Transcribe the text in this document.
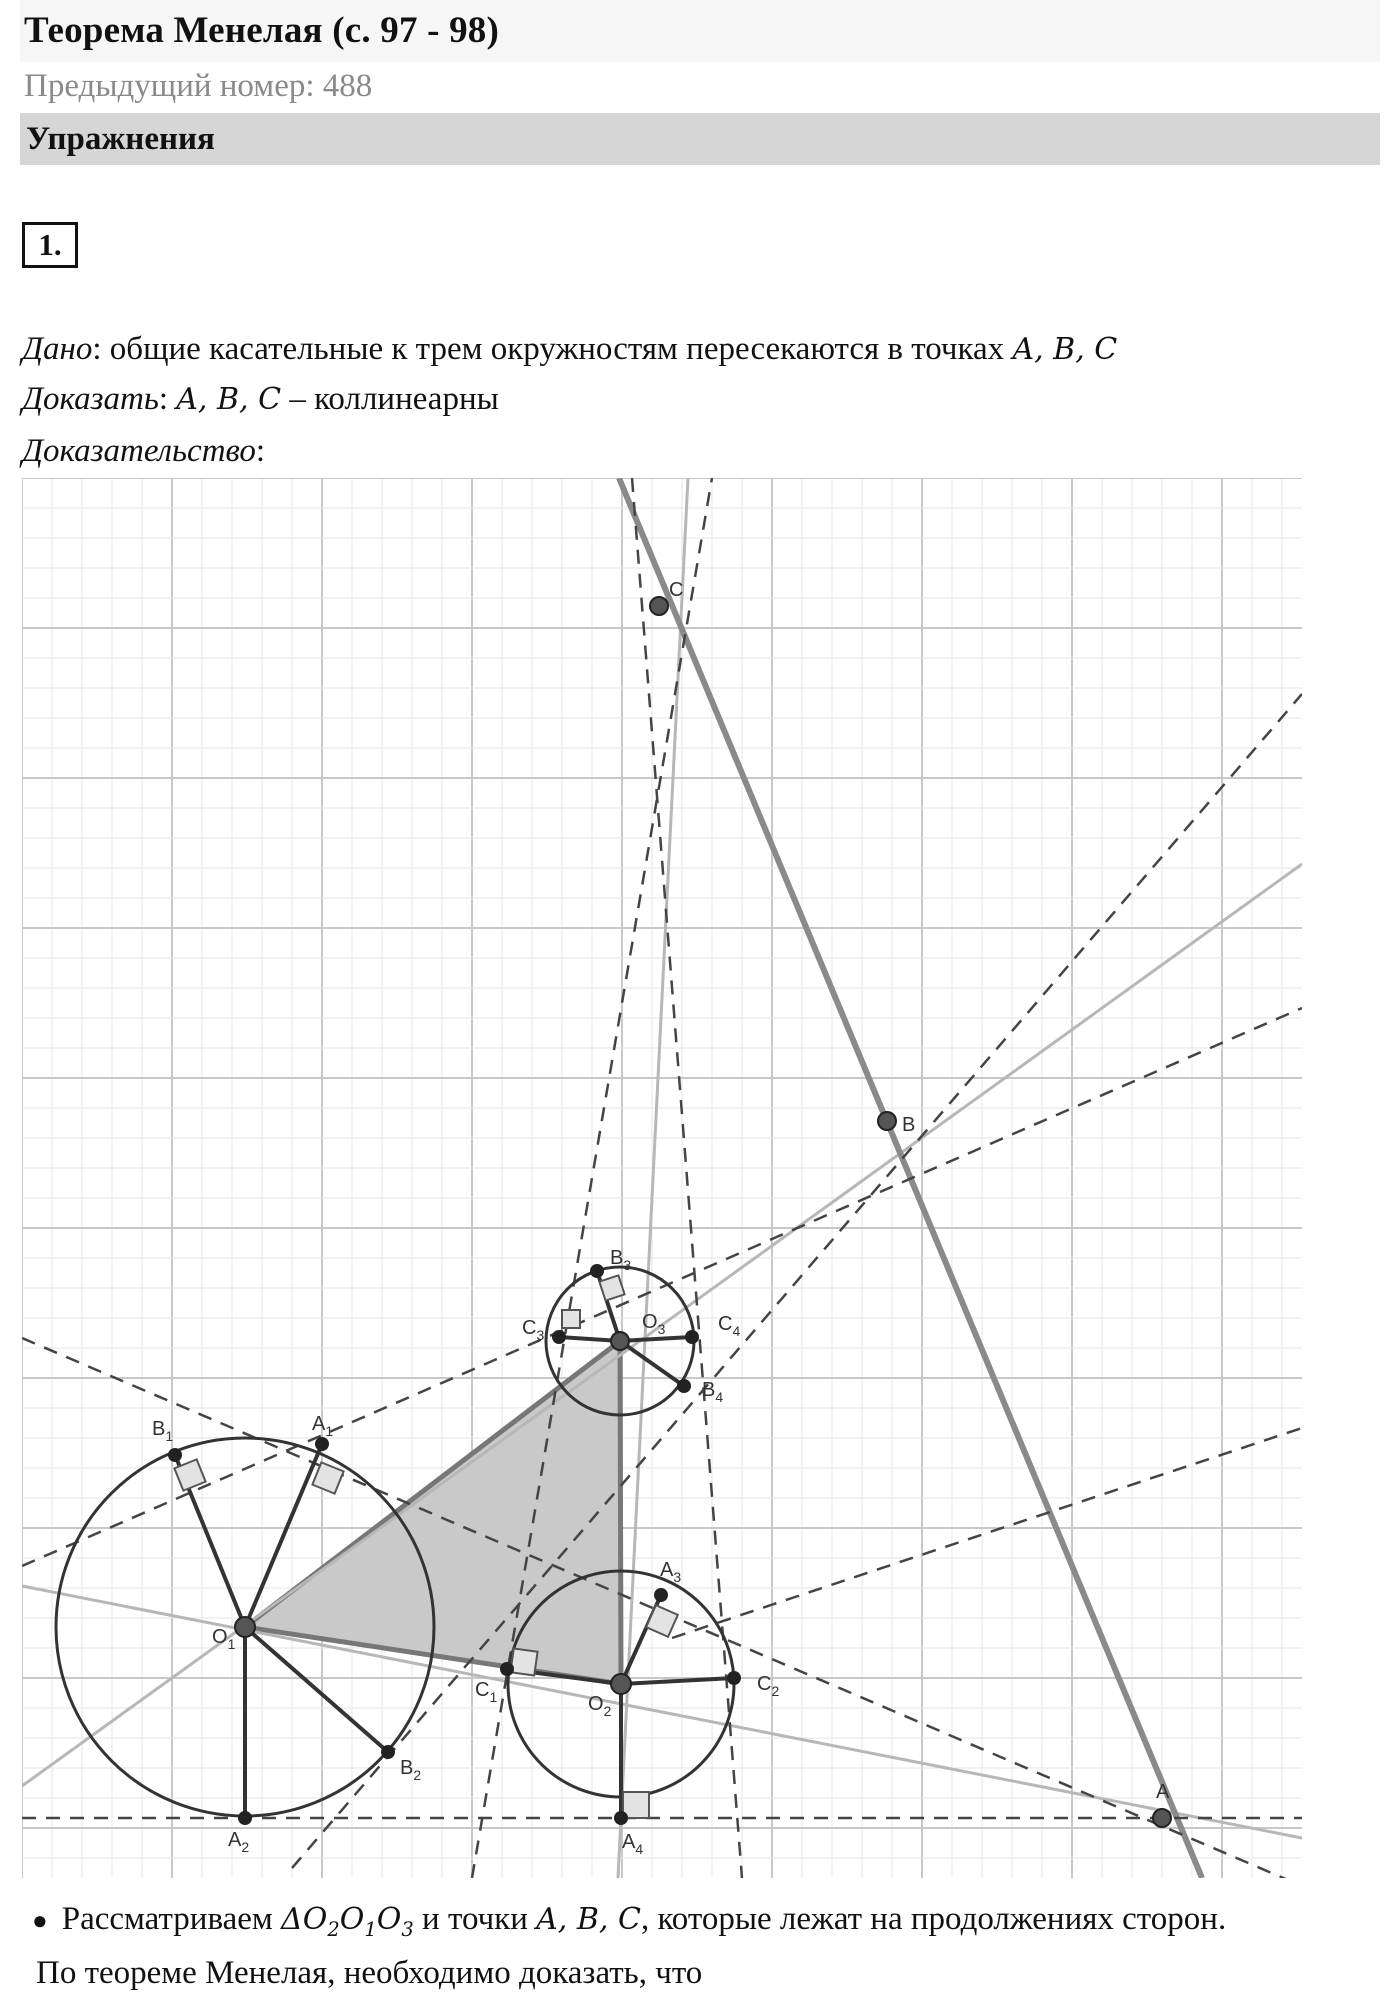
Теорема Менелая (с. 97 - 98)
Предыдущий номер: 488
Упражнения
1.
Дано: общие касательные к трем окружностям пересекаются в точках A, B, C
Доказать: A, B, C – коллинеарны
Доказательство:
C
B
A
$O_1$
$O_2$
$O_3$
$A_1$
$B_1$
$A_2$
$B_2$
$A_3$
$A_4$
$C_1$
$C_2$
$B_3$
$C_3$	$C_4$
$B_4$
● Рассматриваем $\Delta O_2O_1O_3$ и точки A, B, C, которые лежат на продолжениях сторон.
По теореме Менелая, необходимо доказать, что
